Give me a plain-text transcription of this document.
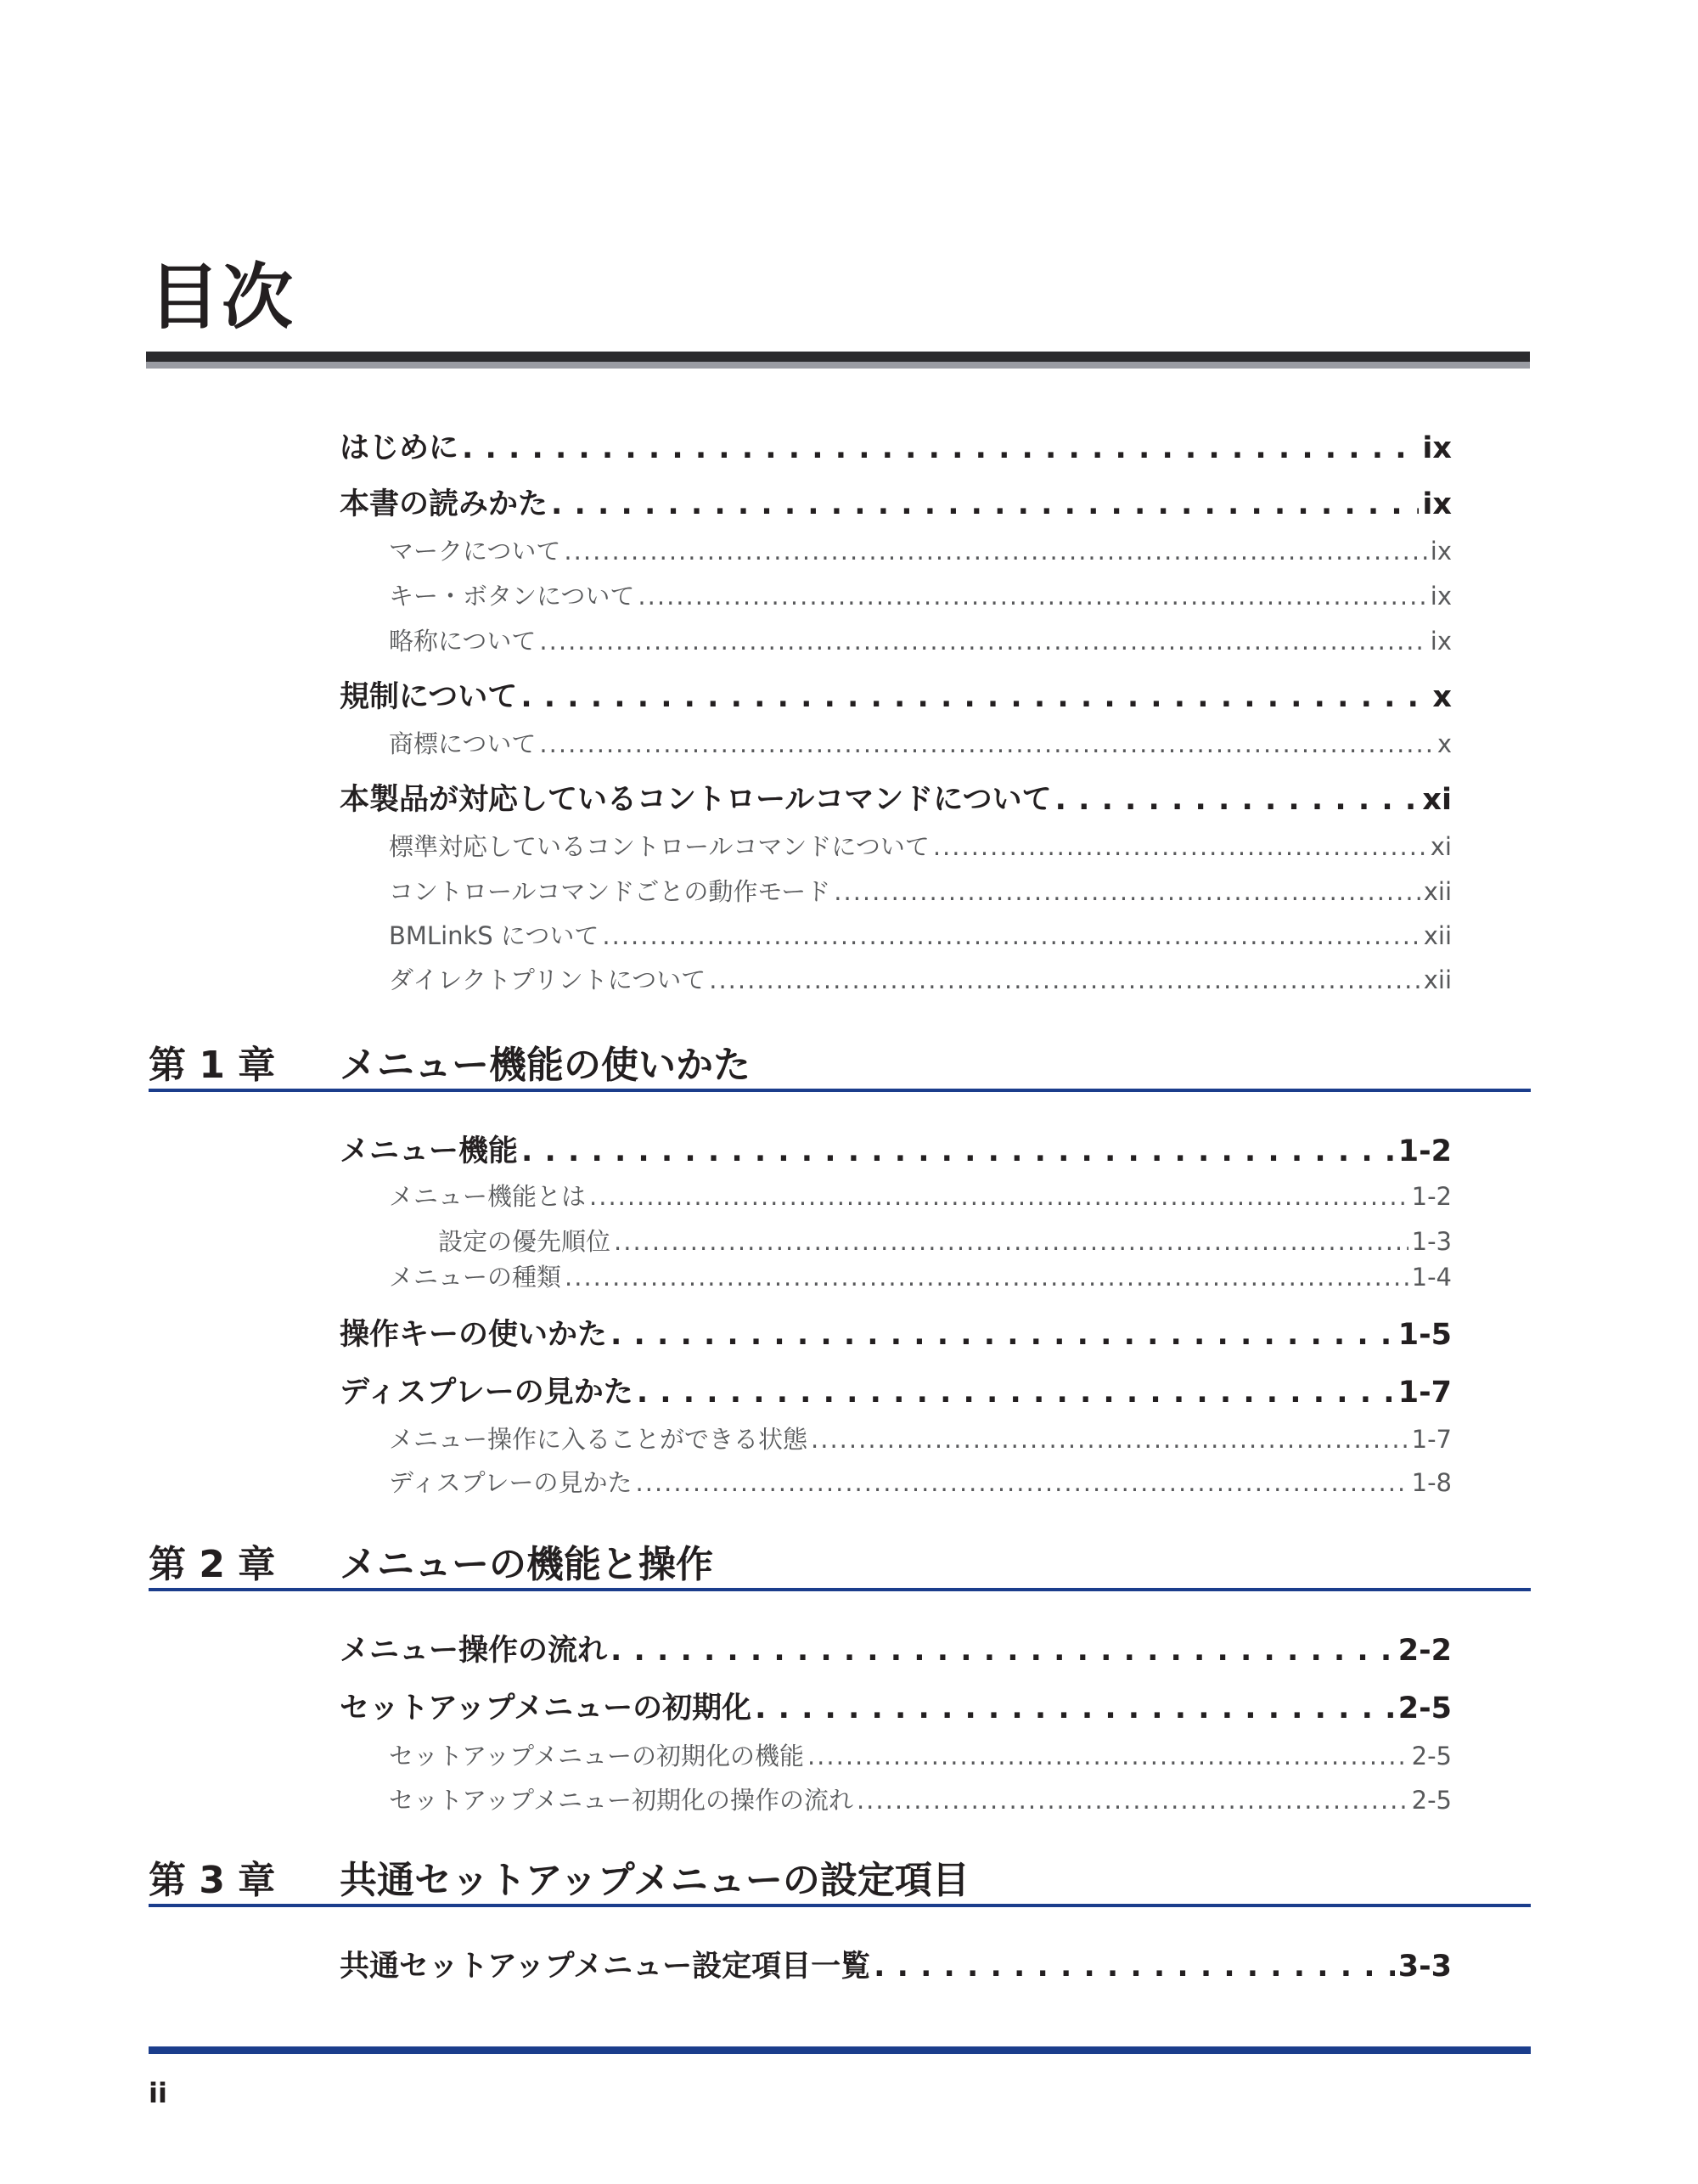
目次
はじめに . . .	ix
本書の読みかた . . .	ix
マークについて .....	ix
キー・ボタンについて .....	ix
略称について .....	ix
規制について . . .	x
商標について .....	x
本製品が対応しているコントロールコマンドについて . . .	xi
標準対応しているコントロールコマンドについて .....	xi
コントロールコマンドごとの動作モード .....	xii
BMLinkS について .....	xii
ダイレクトプリントについて .....	xii
第 1 章 メニュー機能の使いかた
メニュー機能 . . .	1-2
メニュー機能とは .....	1-2
設定の優先順位 .....	1-3
メニューの種類 .....	1-4
操作キーの使いかた . . .	1-5
ディスプレーの見かた . . .	1-7
メニュー操作に入ることができる状態 .....	1-7
ディスプレーの見かた .....	1-8
第 2 章 メニューの機能と操作
メニュー操作の流れ . . .	2-2
セットアップメニューの初期化 . . .	2-5
セットアップメニューの初期化の機能 .....	2-5
セットアップメニュー初期化の操作の流れ .....	2-5
第 3 章 共通セットアップメニューの設定項目
共通セットアップメニュー設定項目一覧 . . .	3-3
ii
